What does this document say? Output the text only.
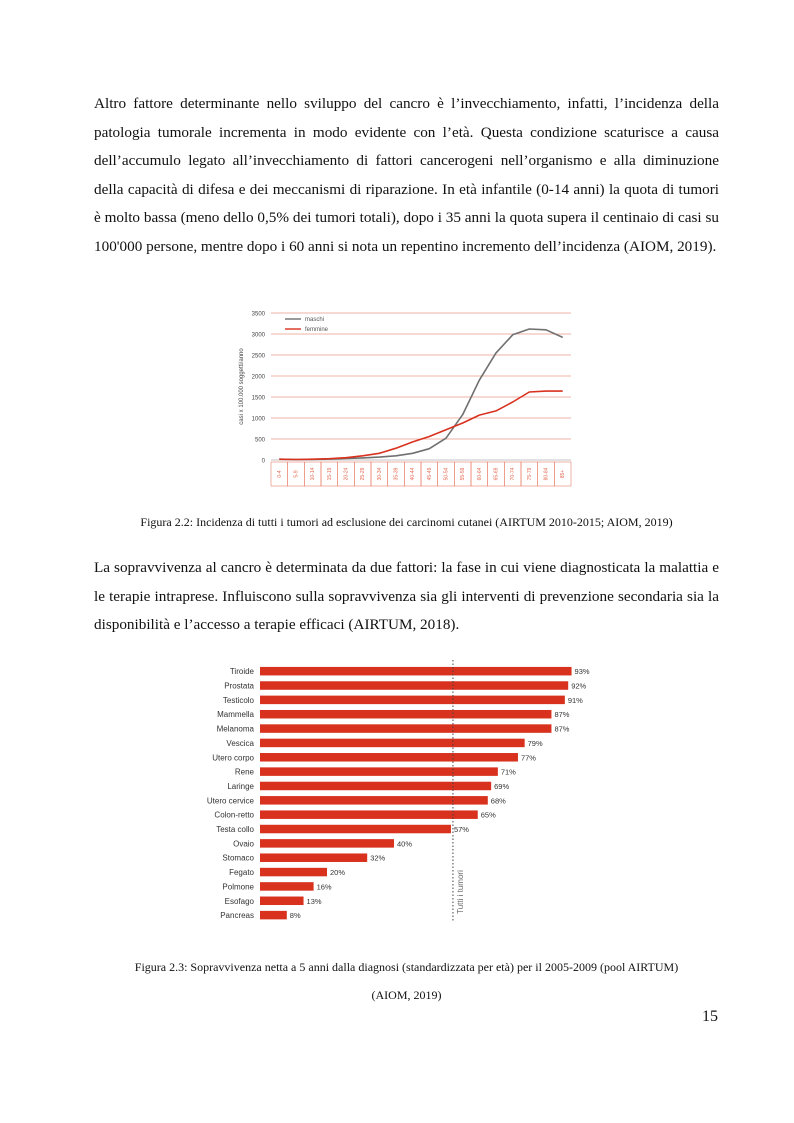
Altro fattore determinante nello sviluppo del cancro è l’invecchiamento, infatti, l’incidenza della patologia tumorale incrementa in modo evidente con l’età. Questa condizione scaturisce a causa dell’accumulo legato all’invecchiamento di fattori cancerogeni nell’organismo e alla diminuzione della capacità di difesa e dei meccanismi di riparazione. In età infantile (0-14 anni) la quota di tumori è molto bassa (meno dello 0,5% dei tumori totali), dopo i 35 anni la quota supera il centinaio di casi su 100'000 persone, mentre dopo i 60 anni si nota un repentino incremento dell’incidenza (AIOM, 2019).

0
500
1000
1500
2000
2500
3000
3500
casi x 100.000 soggetti/anno
0-4 5-9 10-14 15-19 20-24 25-29 30-34 35-39 40-44 45-49 50-54 55-59 60-64 65-69 70-74 75-79 80-84 85+
maschi
femmine

Figura 2.2: Incidenza di tutti i tumori ad esclusione dei carcinomi cutanei (AIRTUM 2010-2015; AIOM, 2019)

La sopravvivenza al cancro è determinata da due fattori: la fase in cui viene diagnosticata la malattia e le terapie intraprese. Influiscono sulla sopravvivenza sia gli interventi di prevenzione secondaria sia la disponibilità e l’accesso a terapie efficaci (AIRTUM, 2018).

Tiroide	93%
Prostata	92%
Testicolo	91%
Mammella	87%
Melanoma	87%
Vescica	79%
Utero corpo	77%
Rene	71%
Laringe	69%
Utero cervice	68%
Colon-retto	65%
Testa collo	57%
Ovaio	40%
Stomaco	32%
Fegato	20%
Polmone	16%
Esofago	13%
Pancreas	8%
Tutti i tumori

Figura 2.3: Sopravvivenza netta a 5 anni dalla diagnosi (standardizzata per età) per il 2005-2009 (pool AIRTUM)
(AIOM, 2019)

15
